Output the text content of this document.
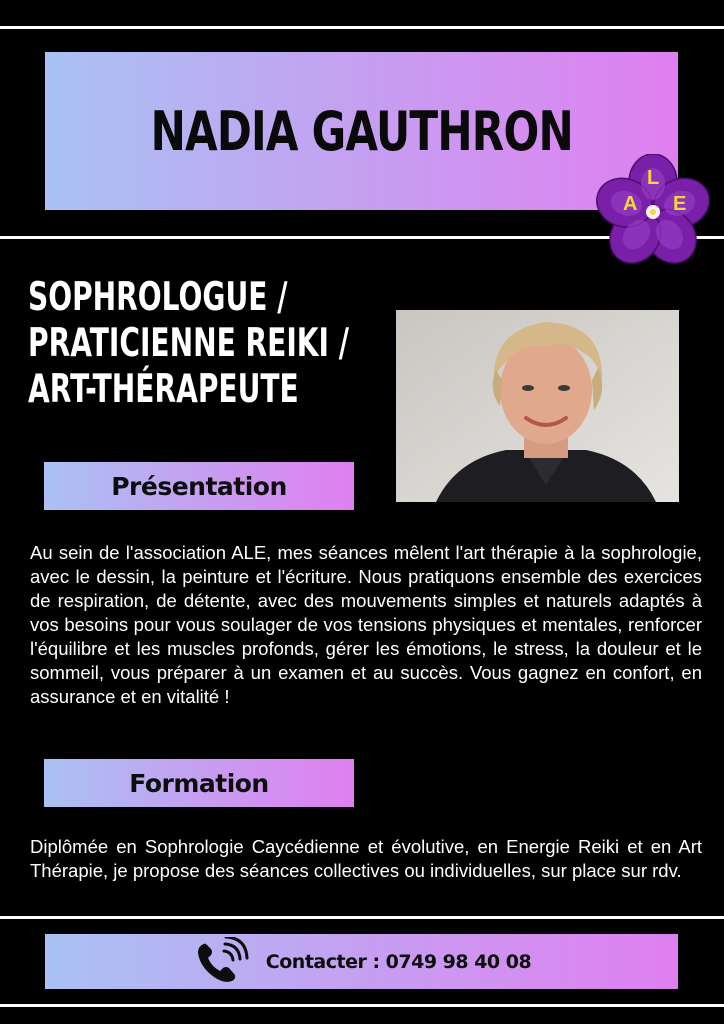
NADIA GAUTHRON
A
L
E
SOPHROLOGUE /
PRATICIENNE REIKI /
ART-THÉRAPEUTE
Présentation

Au sein de l'association ALE, mes séances mêlent l'art thérapie à la sophrologie, avec le dessin, la peinture et l'écriture. Nous pratiquons ensemble des exercices de respiration, de détente, avec des mouvements simples et naturels adaptés à vos besoins pour vous soulager de vos tensions physiques et mentales, renforcer l'équilibre et les muscles profonds, gérer les émotions, le stress, la douleur et le sommeil, vous préparer à un examen et au succès. Vous gagnez en confort, en assurance et en vitalité !

Formation

Diplômée en Sophrologie Caycédienne et évolutive, en Energie Reiki et en Art Thérapie, je propose des séances collectives ou individuelles, sur place sur rdv.

Contacter : 0749 98 40 08
